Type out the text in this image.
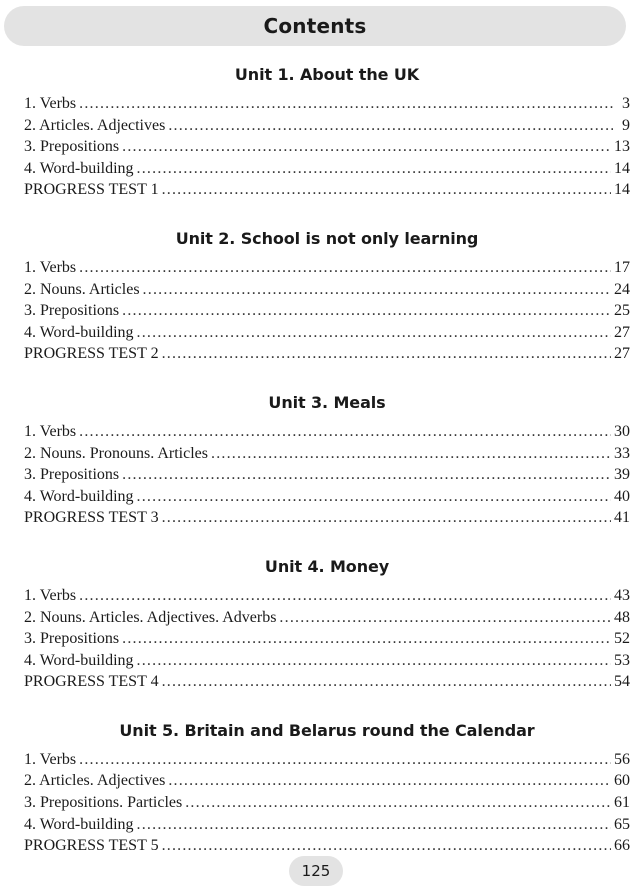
Contents
Unit 1. About the UK
1. Verbs .....	3
2. Articles. Adjectives .....	9
3. Prepositions .....	13
4. Word-building .....	14
PROGRESS TEST 1 .....	14
Unit 2. School is not only learning
1. Verbs .....	17
2. Nouns. Articles .....	24
3. Prepositions .....	25
4. Word-building .....	27
PROGRESS TEST 2 .....	27
Unit 3. Meals
1. Verbs .....	30
2. Nouns. Pronouns. Articles .....	33
3. Prepositions .....	39
4. Word-building .....	40
PROGRESS TEST 3 .....	41
Unit 4. Money
1. Verbs .....	43
2. Nouns. Articles. Adjectives. Adverbs .....	48
3. Prepositions .....	52
4. Word-building .....	53
PROGRESS TEST 4 .....	54
Unit 5. Britain and Belarus round the Calendar
1. Verbs .....	56
2. Articles. Adjectives .....	60
3. Prepositions. Particles .....	61
4. Word-building .....	65
PROGRESS TEST 5 .....	66
125
